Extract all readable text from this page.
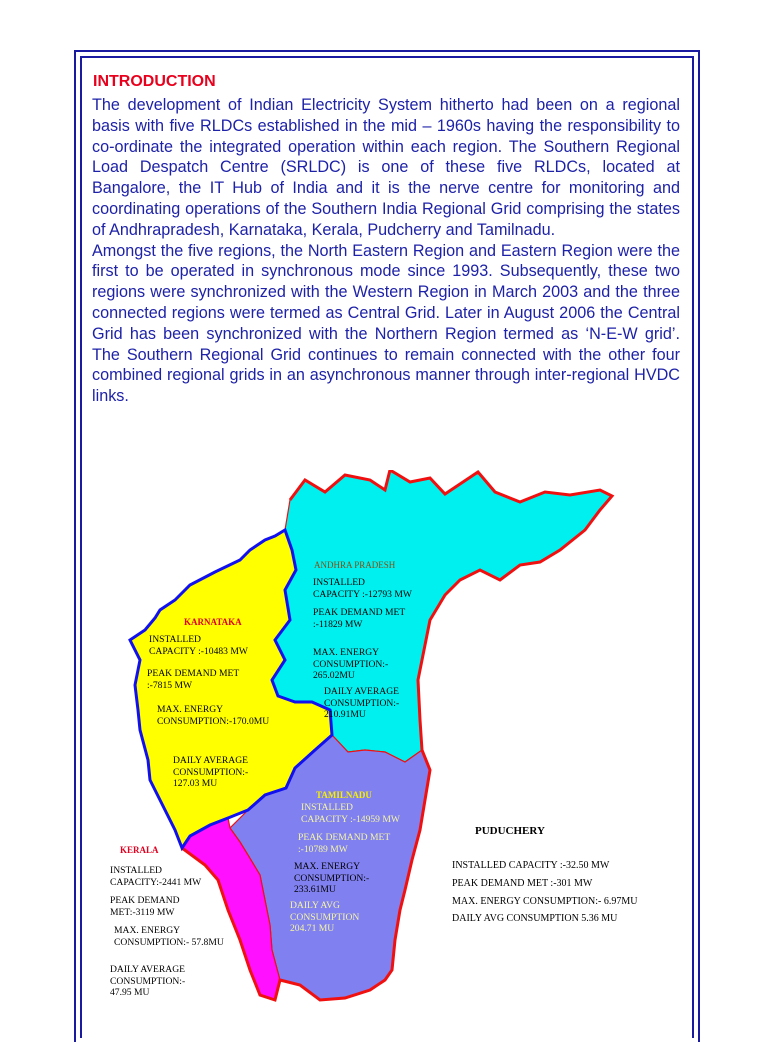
INTRODUCTION

The development of Indian Electricity System hitherto had been on a regional basis with five RLDCs established in the mid – 1960s having the responsibility to co-ordinate the integrated operation within each region. The Southern Regional Load Despatch Centre (SRLDC) is one of these five RLDCs, located at Bangalore, the IT Hub of India and it is the nerve centre for monitoring and coordinating operations of the Southern India Regional Grid comprising the states of Andhrapradesh, Karnataka, Kerala, Pudcherry and Tamilnadu.

Amongst the five regions, the North Eastern Region and Eastern Region were the first to be operated in synchronous mode since 1993. Subsequently, these two regions were synchronized with the Western Region in March 2003 and the three connected regions were termed as Central Grid. Later in August 2006 the Central Grid has been synchronized with the Northern Region termed as ‘N-E-W grid’. The Southern Regional Grid continues to remain connected with the other four combined regional grids in an asynchronous manner through inter-regional HVDC links.

ANDHRA PRADESH
INSTALLED
CAPACITY :-12793 MW
PEAK DEMAND MET
:-11829 MW
MAX. ENERGY
CONSUMPTION:-
265.02MU
DAILY AVERAGE
CONSUMPTION:-
210.91MU
KARNATAKA
INSTALLED
CAPACITY :-10483 MW
PEAK DEMAND MET
:-7815 MW
MAX. ENERGY
CONSUMPTION:-170.0MU
DAILY AVERAGE
CONSUMPTION:-
127.03 MU
TAMILNADU
INSTALLED
CAPACITY :-14959 MW
PEAK DEMAND MET
:-10789 MW
MAX. ENERGY
CONSUMPTION:-
233.61MU
DAILY AVG
CONSUMPTION
204.71 MU
KERALA
INSTALLED
CAPACITY:-2441 MW
PEAK DEMAND
MET:-3119 MW
MAX. ENERGY
CONSUMPTION:- 57.8MU
DAILY AVERAGE
CONSUMPTION:-
47.95 MU
PUDUCHERY
INSTALLED CAPACITY :-32.50 MW
PEAK DEMAND MET :-301 MW
MAX. ENERGY CONSUMPTION:- 6.97MU
DAILY AVG CONSUMPTION 5.36 MU
